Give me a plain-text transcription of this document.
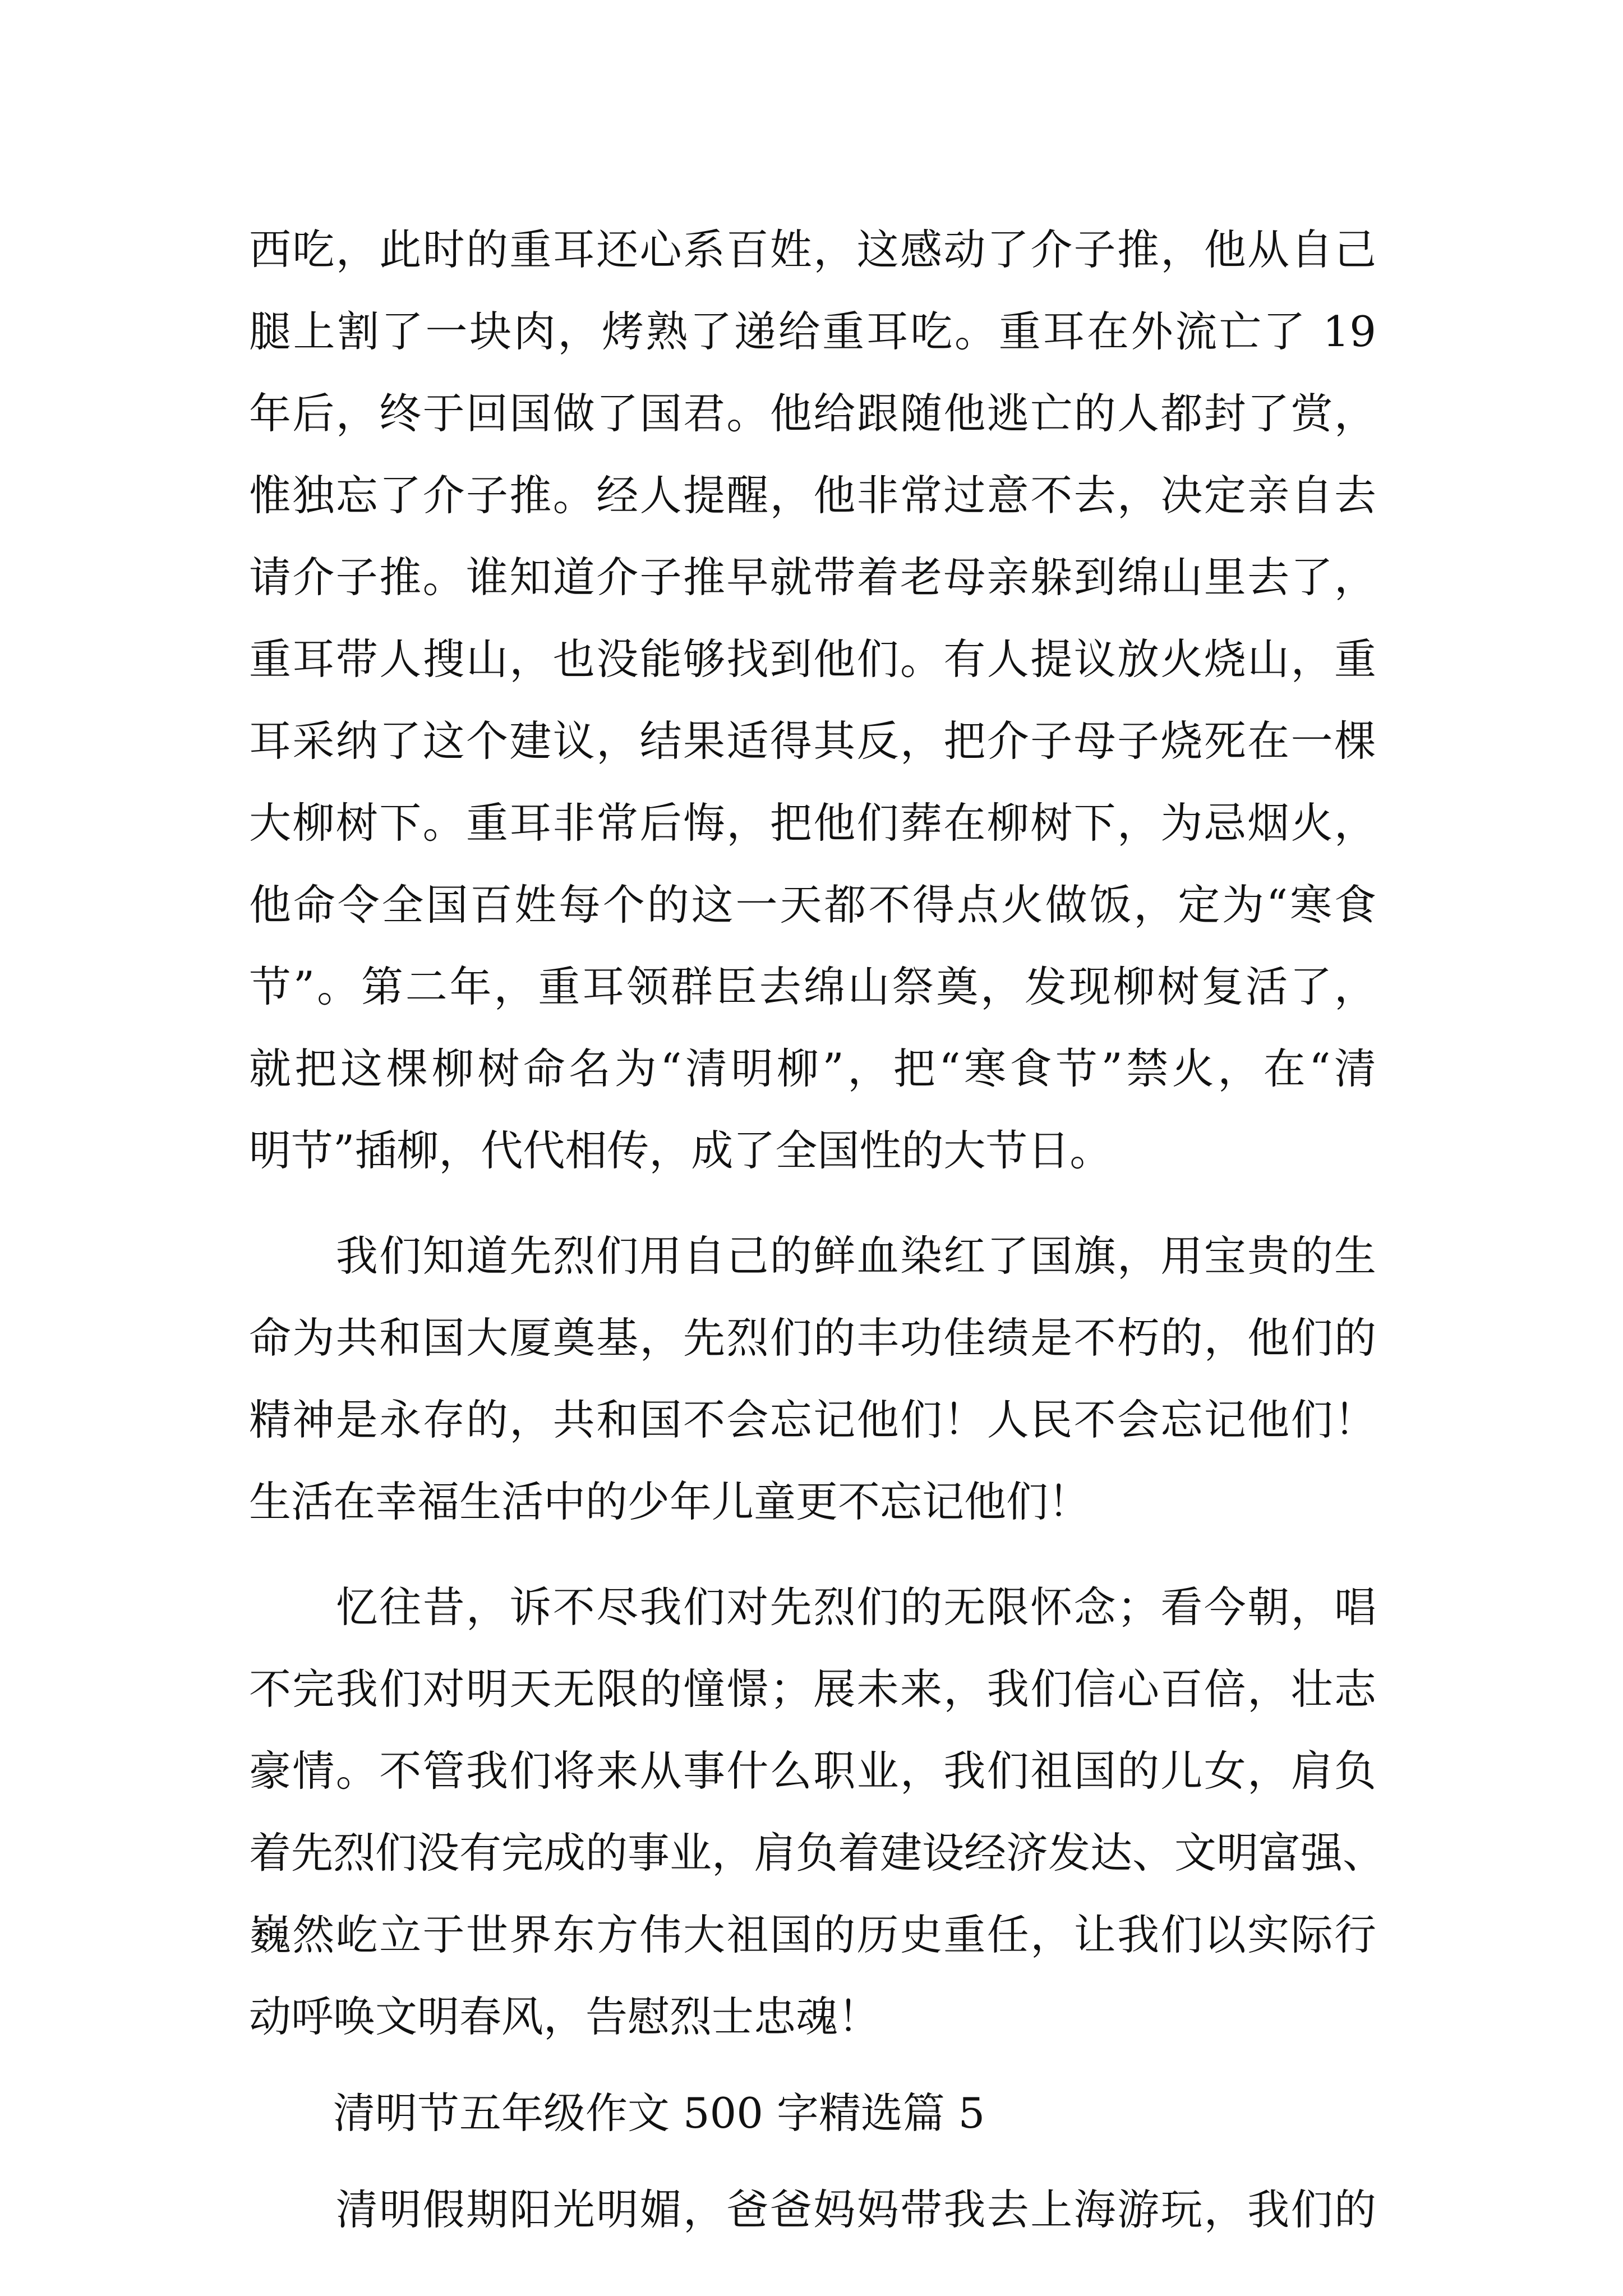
西吃，此时的重耳还心系百姓，这感动了介子推，他从自己
腿上割了一块肉，烤熟了递给重耳吃。重耳在外流亡了 19
年后，终于回国做了国君。他给跟随他逃亡的人都封了赏，
惟独忘了介子推。经人提醒，他非常过意不去，决定亲自去
请介子推。谁知道介子推早就带着老母亲躲到绵山里去了，
重耳带人搜山，也没能够找到他们。有人提议放火烧山，重
耳采纳了这个建议，结果适得其反，把介子母子烧死在一棵
大柳树下。重耳非常后悔，把他们葬在柳树下，为忌烟火，
他命令全国百姓每个的这一天都不得点火做饭，定为“寒食
节”。第二年，重耳领群臣去绵山祭奠，发现柳树复活了，
就把这棵柳树命名为“清明柳”，把“寒食节”禁火，在“清
明节”插柳，代代相传，成了全国性的大节日。
　　我们知道先烈们用自己的鲜血染红了国旗，用宝贵的生
命为共和国大厦奠基，先烈们的丰功佳绩是不朽的，他们的
精神是永存的，共和国不会忘记他们！人民不会忘记他们！
生活在幸福生活中的少年儿童更不忘记他们！
　　忆往昔，诉不尽我们对先烈们的无限怀念；看今朝，唱
不完我们对明天无限的憧憬；展未来，我们信心百倍，壮志
豪情。不管我们将来从事什么职业，我们祖国的儿女，肩负
着先烈们没有完成的事业，肩负着建设经济发达、文明富强、
巍然屹立于世界东方伟大祖国的历史重任，让我们以实际行
动呼唤文明春风，告慰烈士忠魂！
　　清明节五年级作文 500 字精选篇 5
　　清明假期阳光明媚，爸爸妈妈带我去上海游玩，我们的
